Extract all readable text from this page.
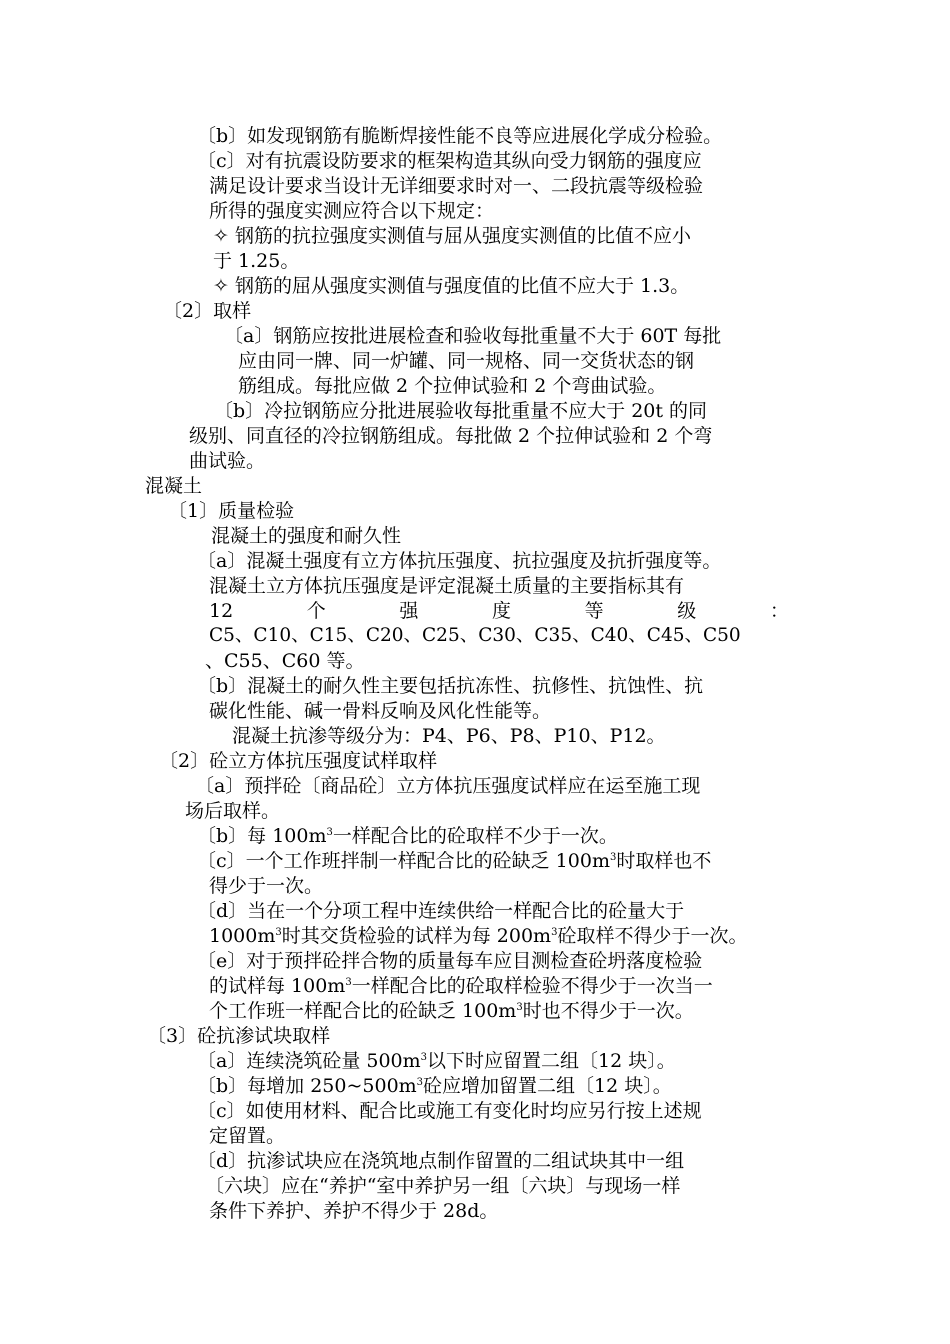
〔b〕如发现钢筋有脆断焊接性能不良等应进展化学成分检验。
〔c〕对有抗震设防要求的框架构造其纵向受力钢筋的强度应
满足设计要求当设计无详细要求时对一、二段抗震等级检验
所得的强度实测应符合以下规定：
✧ 钢筋的抗拉强度实测值与屈从强度实测值的比值不应小
于 1.25。
✧ 钢筋的屈从强度实测值与强度值的比值不应大于 1.3。
〔2〕取样
〔a〕钢筋应按批进展检查和验收每批重量不大于 60T 每批
应由同一牌、同一炉罐、同一规格、同一交货状态的钢
筋组成。每批应做 2 个拉伸试验和 2 个弯曲试验。
〔b〕冷拉钢筋应分批进展验收每批重量不应大于 20t 的同
级别、同直径的冷拉钢筋组成。每批做 2 个拉伸试验和 2 个弯
曲试验。
混凝土
〔1〕质量检验
混凝土的强度和耐久性
〔a〕混凝土强度有立方体抗压强度、抗拉强度及抗折强度等。
混凝土立方体抗压强度是评定混凝土质量的主要指标其有
12	个	强	度	等	级	：
C5、C10、C15、C20、C25、C30、C35、C40、C45、C50
、C55、C60 等。
〔b〕混凝土的耐久性主要包括抗冻性、抗修性、抗蚀性、抗
碳化性能、碱一骨料反响及风化性能等。
混凝土抗渗等级分为：P4、P6、P8、P10、P12。
〔2〕砼立方体抗压强度试样取样
〔a〕预拌砼〔商品砼〕立方体抗压强度试样应在运至施工现
场后取样。
〔b〕每 $100m^3$一样配合比的砼取样不少于一次。
〔c〕一个工作班拌制一样配合比的砼缺乏 $100m^3$时取样也不
得少于一次。
〔d〕当在一个分项工程中连续供给一样配合比的砼量大于
$1000m^3$时其交货检验的试样为每 $200m^3$砼取样不得少于一次。
〔e〕对于预拌砼拌合物的质量每车应目测检查砼坍落度检验
的试样每 $100m^3$一样配合比的砼取样检验不得少于一次当一
个工作班一样配合比的砼缺乏 $100m^3$时也不得少于一次。
〔3〕砼抗渗试块取样
〔a〕连续浇筑砼量 $500m^3$以下时应留置二组〔12 块〕。
〔b〕每增加 $250\sim 500m^3$砼应增加留置二组〔12 块〕。
〔c〕如使用材料、配合比或施工有变化时均应另行按上述规
定留置。
〔d〕抗渗试块应在浇筑地点制作留置的二组试块其中一组
〔六块〕应在“养护“室中养护另一组〔六块〕与现场一样
条件下养护、养护不得少于 28d。
